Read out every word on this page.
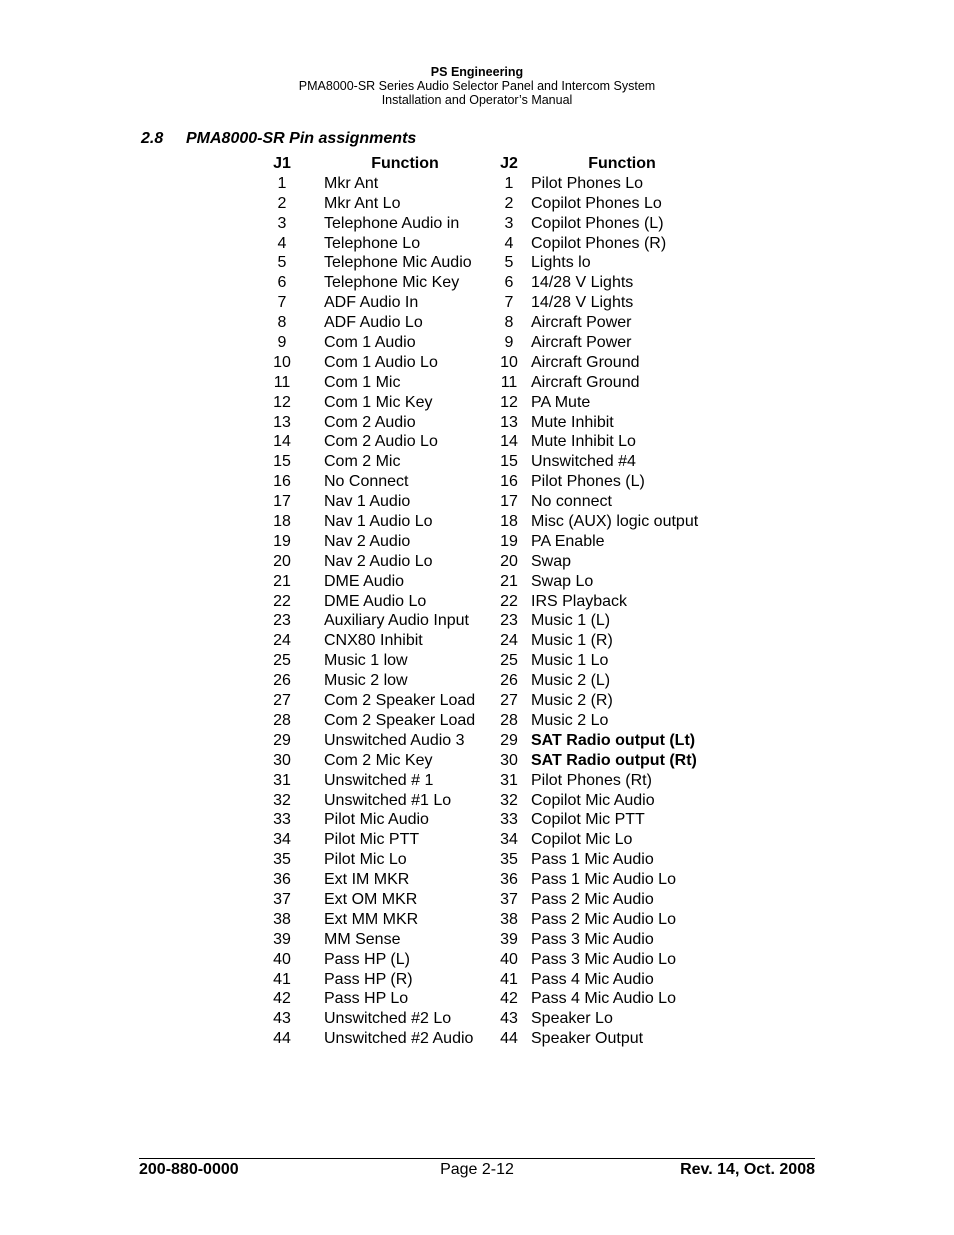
PS Engineering
PMA8000-SR Series Audio Selector Panel and Intercom System
Installation and Operator’s Manual
2.8 PMA8000-SR Pin assignments
J1	Function	J2	Function
1	Mkr Ant	1	Pilot Phones Lo
2	Mkr Ant Lo	2	Copilot Phones Lo
3	Telephone Audio in	3	Copilot Phones (L)
4	Telephone Lo	4	Copilot Phones (R)
5	Telephone Mic Audio	5	Lights lo
6	Telephone Mic Key	6	14/28 V Lights
7	ADF Audio In	7	14/28 V Lights
8	ADF Audio Lo	8	Aircraft Power
9	Com 1 Audio	9	Aircraft Power
10	Com 1 Audio Lo	10 Aircraft Ground
11	Com 1 Mic	11 Aircraft Ground
12	Com 1 Mic Key	12 PA Mute
13	Com 2 Audio	13 Mute Inhibit
14	Com 2 Audio Lo	14 Mute Inhibit Lo
15	Com 2 Mic	15 Unswitched #4
16	No Connect	16 Pilot Phones (L)
17	Nav 1 Audio	17 No connect
18	Nav 1 Audio Lo	18 Misc (AUX) logic output
19	Nav 2 Audio	19 PA Enable
20	Nav 2 Audio Lo	20 Swap
21	DME Audio	21 Swap Lo
22	DME Audio Lo	22 IRS Playback
23	Auxiliary Audio Input	23 Music 1 (L)
24	CNX80 Inhibit	24 Music 1 (R)
25	Music 1 low	25 Music 1 Lo
26	Music 2 low	26 Music 2 (L)
27	Com 2 Speaker Load	27 Music 2 (R)
28	Com 2 Speaker Load	28 Music 2 Lo
29	Unswitched Audio 3	29 SAT Radio output (Lt)
30	Com 2 Mic Key	30 SAT Radio output (Rt)
31	Unswitched # 1	31 Pilot Phones (Rt)
32	Unswitched #1 Lo	32 Copilot Mic Audio
33	Pilot Mic Audio	33 Copilot Mic PTT
34	Pilot Mic PTT	34 Copilot Mic Lo
35	Pilot Mic Lo	35 Pass 1 Mic Audio
36	Ext IM MKR	36 Pass 1 Mic Audio Lo
37	Ext OM MKR	37 Pass 2 Mic Audio
38	Ext MM MKR	38 Pass 2 Mic Audio Lo
39	MM Sense	39 Pass 3 Mic Audio
40	Pass HP (L)	40 Pass 3 Mic Audio Lo
41	Pass HP (R)	41 Pass 4 Mic Audio
42	Pass HP Lo	42 Pass 4 Mic Audio Lo
43	Unswitched #2 Lo	43 Speaker Lo
44	Unswitched #2 Audio	44 Speaker Output
200-880-0000	Page 2-12	Rev. 14, Oct. 2008
